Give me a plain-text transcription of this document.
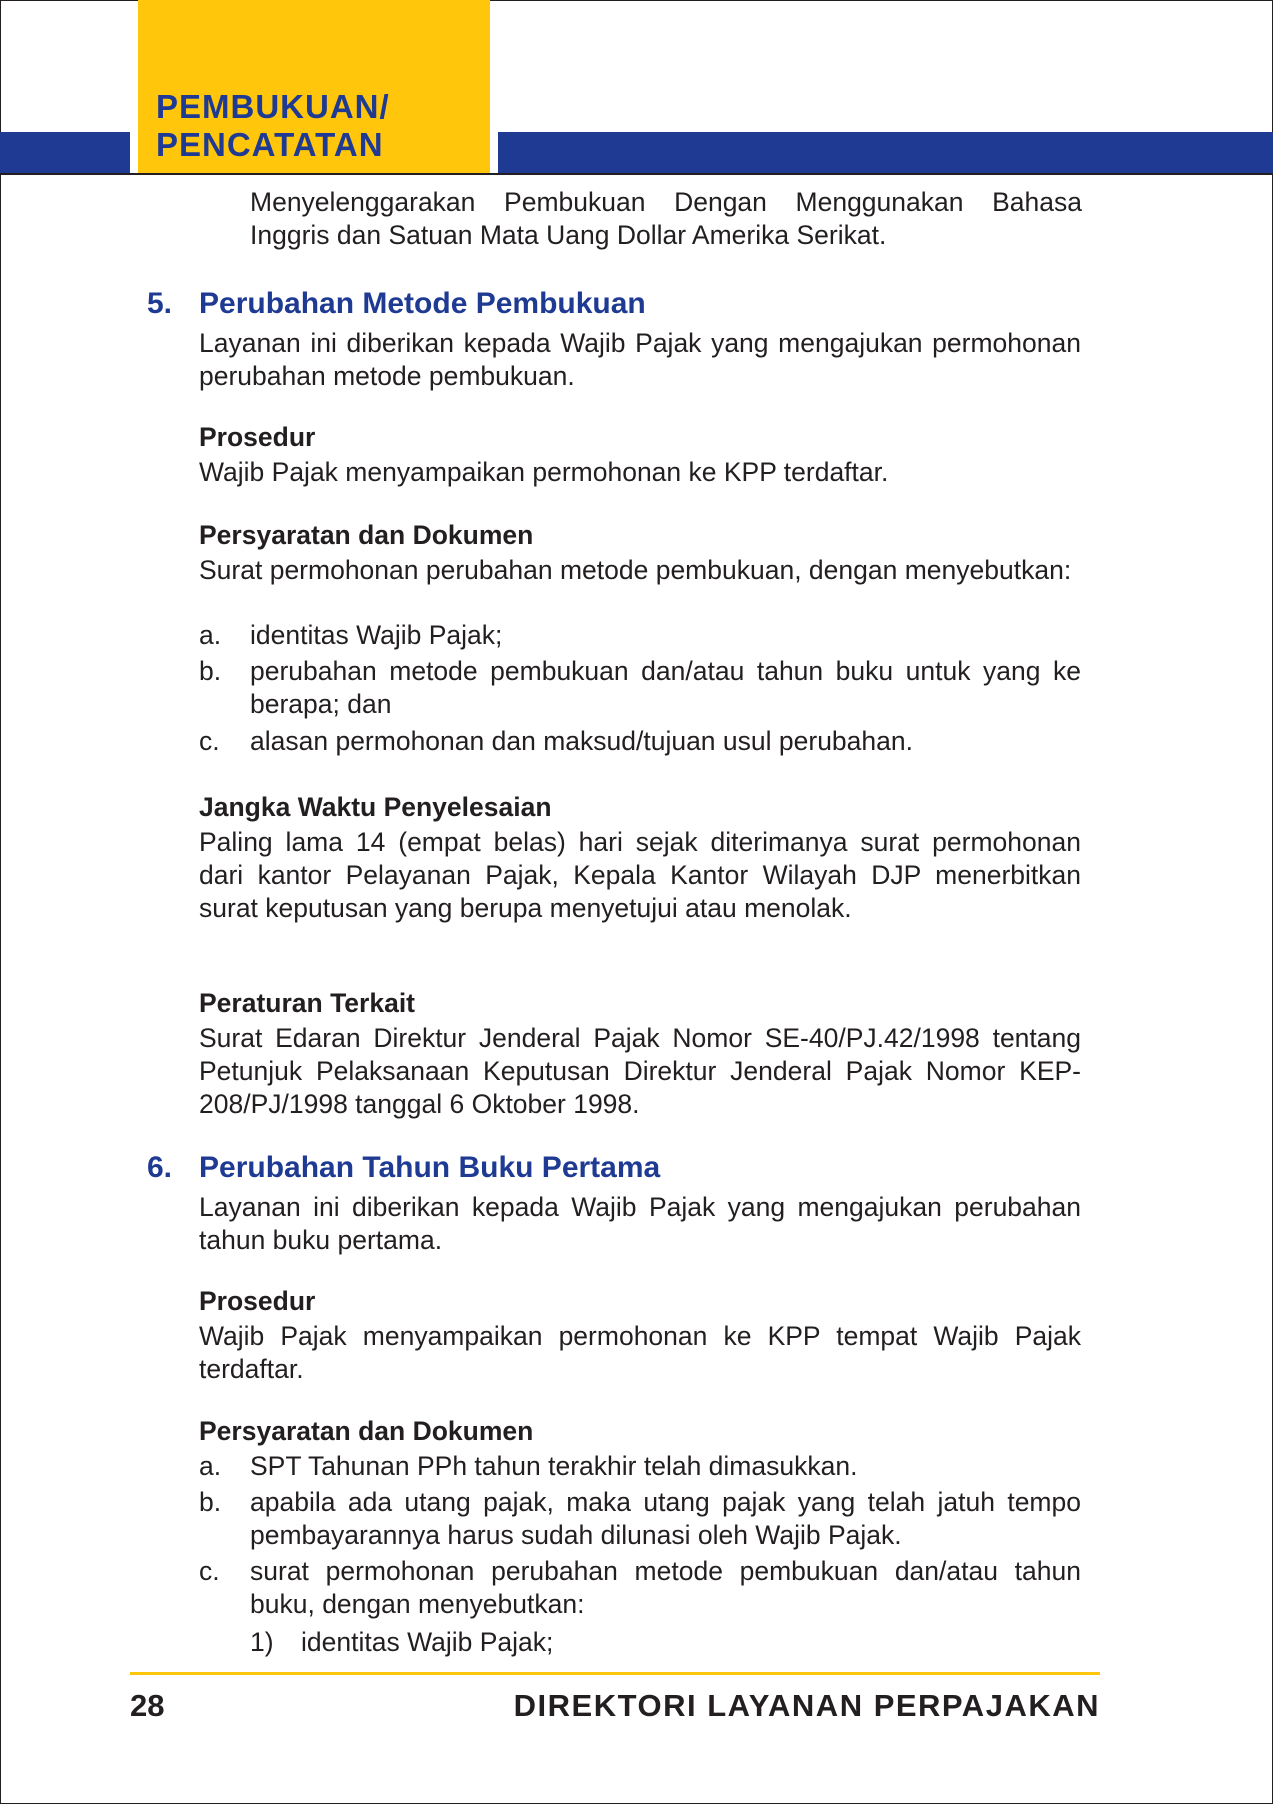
PEMBUKUAN/
PENCATATAN

Menyelenggarakan Pembukuan Dengan Menggunakan Bahasa Inggris dan Satuan Mata Uang Dollar Amerika Serikat.

5. Perubahan Metode Pembukuan

Layanan ini diberikan kepada Wajib Pajak yang mengajukan permohonan perubahan metode pembukuan.

Prosedur

Wajib Pajak menyampaikan permohonan ke KPP terdaftar.

Persyaratan dan Dokumen

Surat permohonan perubahan metode pembukuan, dengan menyebutkan:

a. identitas Wajib Pajak;
b. perubahan metode pembukuan dan/atau tahun buku untuk yang ke berapa; dan
c. alasan permohonan dan maksud/tujuan usul perubahan.

Jangka Waktu Penyelesaian

Paling lama 14 (empat belas) hari sejak diterimanya surat permohonan dari kantor Pelayanan Pajak, Kepala Kantor Wilayah DJP menerbitkan surat keputusan yang berupa menyetujui atau menolak.

Peraturan Terkait

Surat Edaran Direktur Jenderal Pajak Nomor SE-40/PJ.42/1998 tentang Petunjuk Pelaksanaan Keputusan Direktur Jenderal Pajak Nomor KEP-208/PJ/1998 tanggal 6 Oktober 1998.

6. Perubahan Tahun Buku Pertama

Layanan ini diberikan kepada Wajib Pajak yang mengajukan perubahan tahun buku pertama.

Prosedur

Wajib Pajak menyampaikan permohonan ke KPP tempat Wajib Pajak terdaftar.

Persyaratan dan Dokumen

a. SPT Tahunan PPh tahun terakhir telah dimasukkan.
b. apabila ada utang pajak, maka utang pajak yang telah jatuh tempo pembayarannya harus sudah dilunasi oleh Wajib Pajak.
c. surat permohonan perubahan metode pembukuan dan/atau tahun buku, dengan menyebutkan:
1) identitas Wajib Pajak;
28	DIREKTORI LAYANAN PERPAJAKAN
